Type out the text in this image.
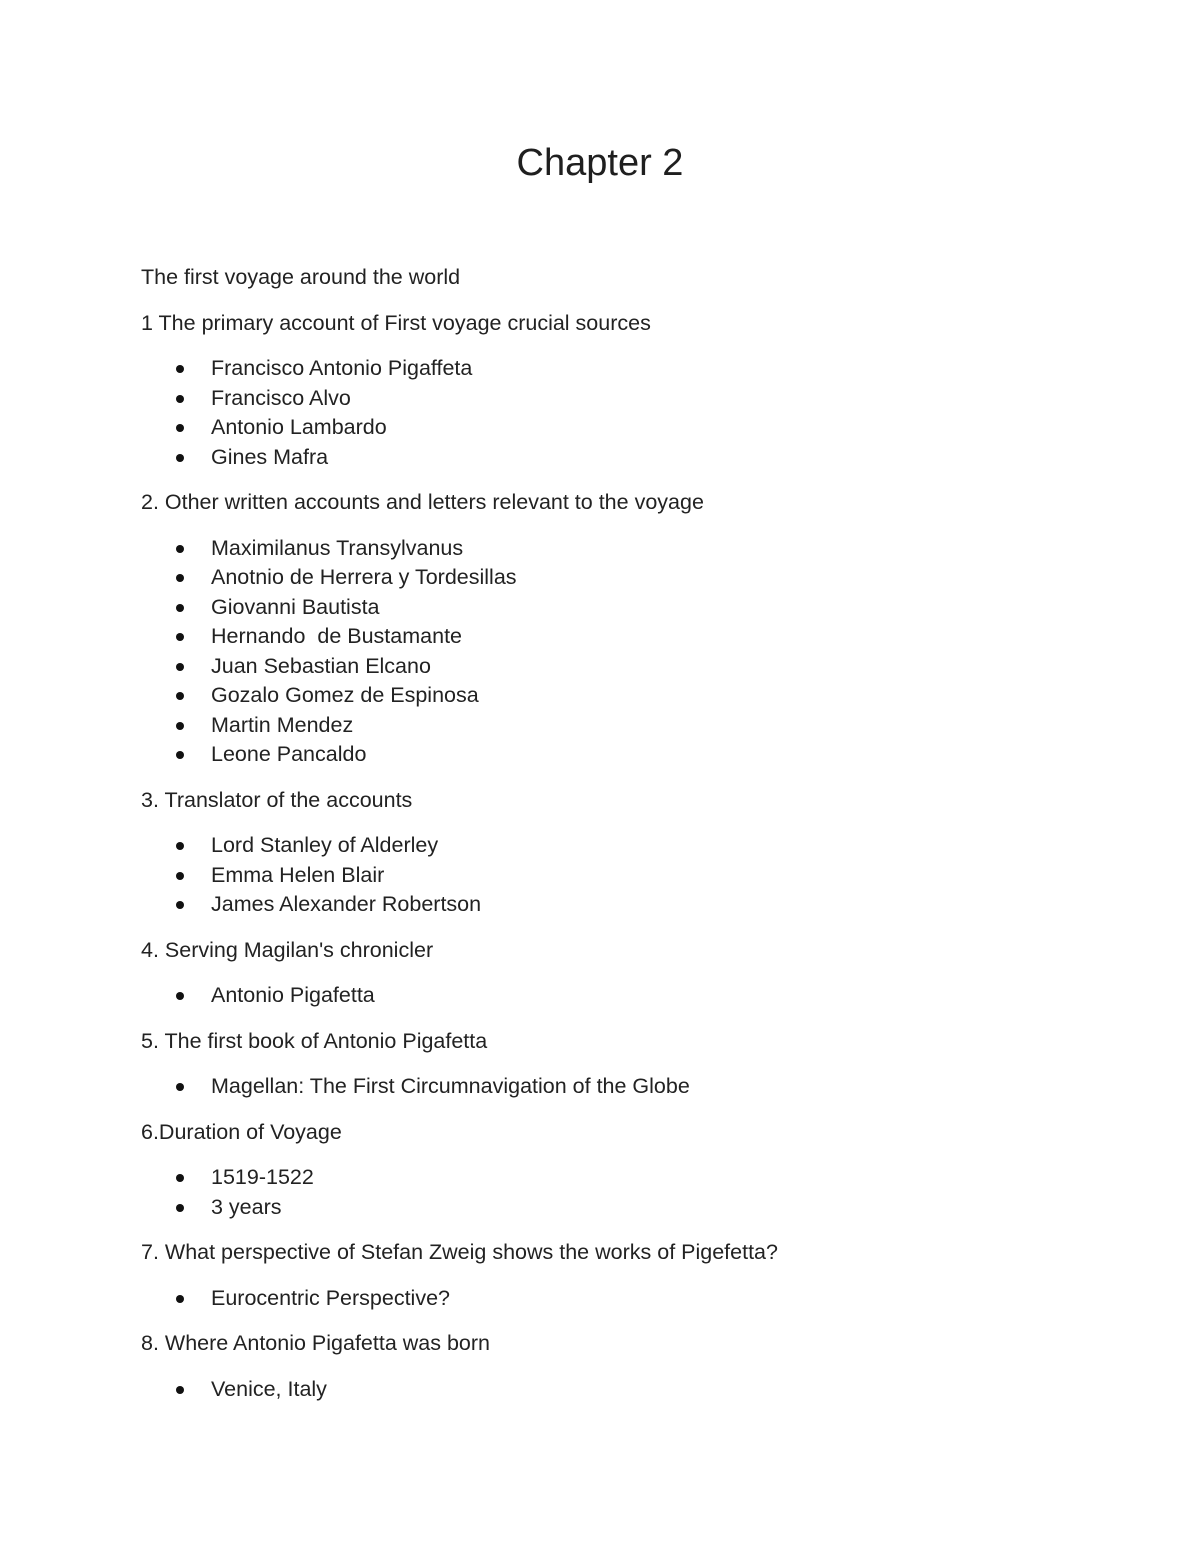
Chapter 2

The first voyage around the world

1 The primary account of First voyage crucial sources

Francisco Antonio Pigaffeta
Francisco Alvo
Antonio Lambardo
Gines Mafra

2. Other written accounts and letters relevant to the voyage

Maximilanus Transylvanus
Anotnio de Herrera y Tordesillas
Giovanni Bautista
Hernando  de Bustamante
Juan Sebastian Elcano
Gozalo Gomez de Espinosa
Martin Mendez
Leone Pancaldo

3. Translator of the accounts

Lord Stanley of Alderley
Emma Helen Blair
James Alexander Robertson

4. Serving Magilan's chronicler

Antonio Pigafetta

5. The first book of Antonio Pigafetta

Magellan: The First Circumnavigation of the Globe

6.Duration of Voyage

1519-1522
3 years

7. What perspective of Stefan Zweig shows the works of Pigefetta?

Eurocentric Perspective?

8. Where Antonio Pigafetta was born

Venice, Italy
